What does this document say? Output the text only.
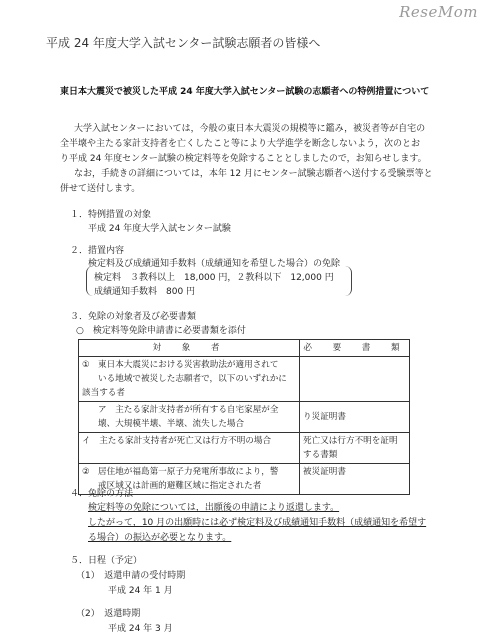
ReseMom
平成 24 年度大学入試センター試験志願者の皆様へ
東日本大震災で被災した平成 24 年度大学入試センター試験の志願者への特例措置について
大学入試センターにおいては，今般の東日本大震災の規模等に鑑み，被災者等が自宅の
全半壊や主たる家計支持者を亡くしたこと等により大学進学を断念しないよう，次のとお
り平成 24 年度センター試験の検定料等を免除することとしましたので，お知らせします。
なお，手続きの詳細については，本年 12 月にセンター試験志願者へ送付する受験票等と
併せて送付します。
１．特例措置の対象
平成 24 年度大学入試センター試験
２．措置内容
検定料及び成績通知手数料（成績通知を希望した場合）の免除
検定料　３教科以上　18,000 円，２教科以下　12,000 円
成績通知手数料　800 円
３．免除の対象者及び必要書類
○　検定料等免除申請書に必要書類を添付
対　象　者	必　要　書　類

① 東日本大震災における災害救助法が適用されて
いる地域で被災した志願者で，以下のいずれかに
該当する者	

ア　主たる家計支持者が所有する自宅家屋が全
壊、大規模半壊、半壊、流失した場合	り災証明書
イ　主たる家計支持者が死亡又は行方不明の場合	死亡又は行方不明を証明する書類

② 居住地が福島第一原子力発電所事故により，警
戒区域又は計画的避難区域に指定された者	被災証明書
４．免除の方法
検定料等の免除については，出願後の申請により返還します。
したがって，10 月の出願時には必ず検定料及び成績通知手数料（成績通知を希望す
る場合）の振込が必要となります。
５．日程（予定）
（1）　返還申請の受付時期
平成 24 年 1 月
（2）　返還時期
平成 24 年 3 月
